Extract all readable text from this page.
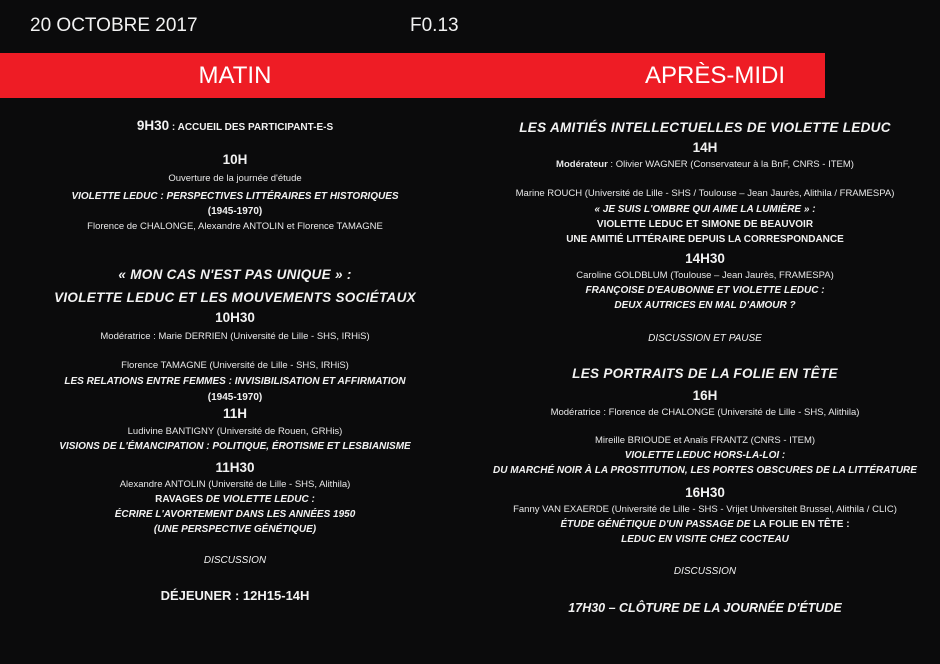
20 OCTOBRE 2017	F0.13
MATIN	APRÈS-MIDI
9H30 : ACCUEIL DES PARTICIPANT-E-S
10H
Ouverture de la journée d'étude
VIOLETTE LEDUC : PERSPECTIVES LITTÉRAIRES ET HISTORIQUES
(1945-1970)
Florence de CHALONGE, Alexandre ANTOLIN et Florence TAMAGNE
« MON CAS N'EST PAS UNIQUE » :
VIOLETTE LEDUC ET LES MOUVEMENTS SOCIÉTAUX
10H30
Modératrice : Marie DERRIEN (Université de Lille - SHS, IRHiS)
Florence TAMAGNE (Université de Lille - SHS, IRHiS)
LES RELATIONS ENTRE FEMMES : INVISIBILISATION ET AFFIRMATION
(1945-1970)
11H
Ludivine BANTIGNY (Université de Rouen, GRHis)
VISIONS DE L'ÉMANCIPATION : POLITIQUE, ÉROTISME ET LESBIANISME
11H30
Alexandre ANTOLIN (Université de Lille - SHS, Alithila)
RAVAGES DE VIOLETTE LEDUC :
ÉCRIRE L'AVORTEMENT DANS LES ANNÉES 1950
(UNE PERSPECTIVE GÉNÉTIQUE)
DISCUSSION
DÉJEUNER : 12H15-14H
LES AMITIÉS INTELLECTUELLES DE VIOLETTE LEDUC
14H
Modérateur : Olivier WAGNER (Conservateur à la BnF, CNRS - ITEM)
Marine ROUCH (Université de Lille - SHS / Toulouse – Jean Jaurès, Alithila / FRAMESPA)
« JE SUIS L'OMBRE QUI AIME LA LUMIÈRE » :
VIOLETTE LEDUC ET SIMONE DE BEAUVOIR
UNE AMITIÉ LITTÉRAIRE DEPUIS LA CORRESPONDANCE
14H30
Caroline GOLDBLUM (Toulouse – Jean Jaurès, FRAMESPA)
FRANÇOISE D'EAUBONNE ET VIOLETTE LEDUC :
DEUX AUTRICES EN MAL D'AMOUR ?
DISCUSSION ET PAUSE
LES PORTRAITS DE LA FOLIE EN TÊTE
16H
Modératrice : Florence de CHALONGE (Université de Lille - SHS, Alithila)
Mireille BRIOUDE et Anaïs FRANTZ (CNRS - ITEM)
VIOLETTE LEDUC HORS-LA-LOI :
DU MARCHÉ NOIR À LA PROSTITUTION, LES PORTES OBSCURES DE LA LITTÉRATURE
16H30
Fanny VAN EXAERDE (Université de Lille - SHS - Vrijet Universiteit Brussel, Alithila / CLIC)
ÉTUDE GÉNÉTIQUE D'UN PASSAGE DE LA FOLIE EN TÊTE :
LEDUC EN VISITE CHEZ COCTEAU
DISCUSSION
17H30 – CLÔTURE DE LA JOURNÉE D'ÉTUDE
